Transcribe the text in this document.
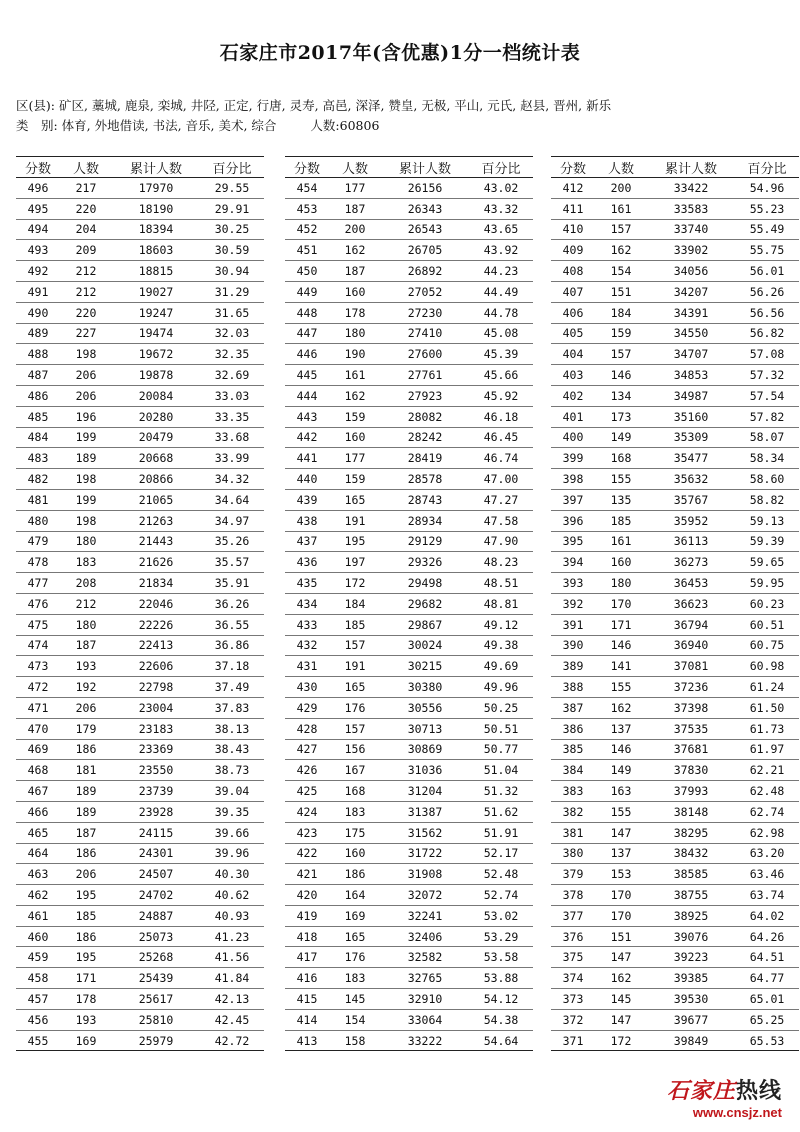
石家庄市2017年(含优惠)1分一档统计表
区(县): 矿区, 藁城, 鹿泉, 栾城, 井陉, 正定, 行唐, 灵寿, 高邑, 深泽, 赞皇, 无极, 平山, 元氏, 赵县, 晋州, 新乐
类　别: 体育, 外地借读, 书法, 音乐, 美术, 综合	人数:60806
分数	人数	累计人数	百分比
496	217	17970	29.55
495	220	18190	29.91
494	204	18394	30.25
493	209	18603	30.59
492	212	18815	30.94
491	212	19027	31.29
490	220	19247	31.65
489	227	19474	32.03
488	198	19672	32.35
487	206	19878	32.69
486	206	20084	33.03
485	196	20280	33.35
484	199	20479	33.68
483	189	20668	33.99
482	198	20866	34.32
481	199	21065	34.64
480	198	21263	34.97
479	180	21443	35.26
478	183	21626	35.57
477	208	21834	35.91
476	212	22046	36.26
475	180	22226	36.55
474	187	22413	36.86
473	193	22606	37.18
472	192	22798	37.49
471	206	23004	37.83
470	179	23183	38.13
469	186	23369	38.43
468	181	23550	38.73
467	189	23739	39.04
466	189	23928	39.35
465	187	24115	39.66
464	186	24301	39.96
463	206	24507	40.30
462	195	24702	40.62
461	185	24887	40.93
460	186	25073	41.23
459	195	25268	41.56
458	171	25439	41.84
457	178	25617	42.13
456	193	25810	42.45
455	169	25979	42.72
分数	人数	累计人数	百分比
454	177	26156	43.02
453	187	26343	43.32
452	200	26543	43.65
451	162	26705	43.92
450	187	26892	44.23
449	160	27052	44.49
448	178	27230	44.78
447	180	27410	45.08
446	190	27600	45.39
445	161	27761	45.66
444	162	27923	45.92
443	159	28082	46.18
442	160	28242	46.45
441	177	28419	46.74
440	159	28578	47.00
439	165	28743	47.27
438	191	28934	47.58
437	195	29129	47.90
436	197	29326	48.23
435	172	29498	48.51
434	184	29682	48.81
433	185	29867	49.12
432	157	30024	49.38
431	191	30215	49.69
430	165	30380	49.96
429	176	30556	50.25
428	157	30713	50.51
427	156	30869	50.77
426	167	31036	51.04
425	168	31204	51.32
424	183	31387	51.62
423	175	31562	51.91
422	160	31722	52.17
421	186	31908	52.48
420	164	32072	52.74
419	169	32241	53.02
418	165	32406	53.29
417	176	32582	53.58
416	183	32765	53.88
415	145	32910	54.12
414	154	33064	54.38
413	158	33222	54.64
分数	人数	累计人数	百分比
412	200	33422	54.96
411	161	33583	55.23
410	157	33740	55.49
409	162	33902	55.75
408	154	34056	56.01
407	151	34207	56.26
406	184	34391	56.56
405	159	34550	56.82
404	157	34707	57.08
403	146	34853	57.32
402	134	34987	57.54
401	173	35160	57.82
400	149	35309	58.07
399	168	35477	58.34
398	155	35632	58.60
397	135	35767	58.82
396	185	35952	59.13
395	161	36113	59.39
394	160	36273	59.65
393	180	36453	59.95
392	170	36623	60.23
391	171	36794	60.51
390	146	36940	60.75
389	141	37081	60.98
388	155	37236	61.24
387	162	37398	61.50
386	137	37535	61.73
385	146	37681	61.97
384	149	37830	62.21
383	163	37993	62.48
382	155	38148	62.74
381	147	38295	62.98
380	137	38432	63.20
379	153	38585	63.46
378	170	38755	63.74
377	170	38925	64.02
376	151	39076	64.26
375	147	39223	64.51
374	162	39385	64.77
373	145	39530	65.01
372	147	39677	65.25
371	172	39849	65.53
石家庄热线
www.cnsjz.net
